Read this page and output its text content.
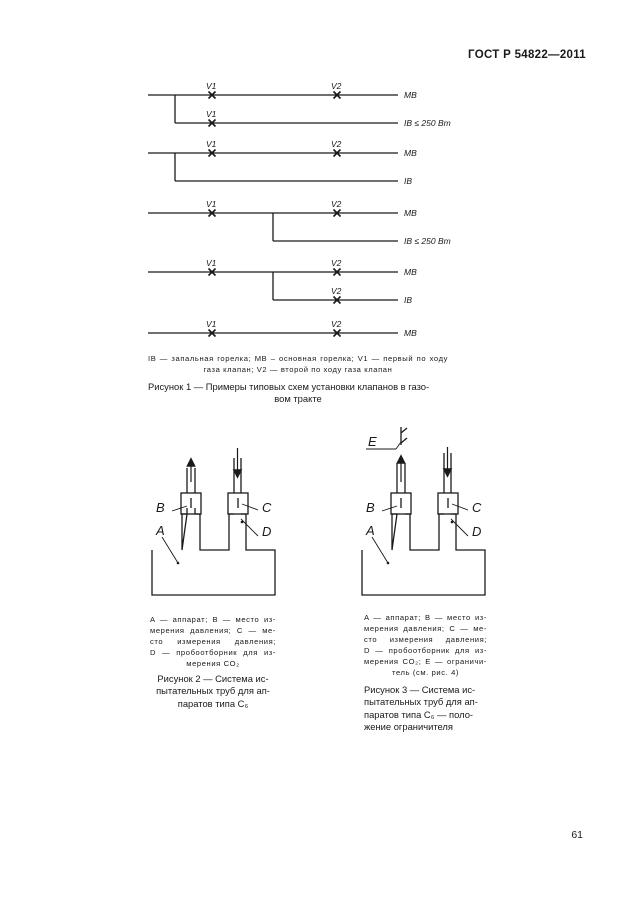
ГОСТ Р 54822—2011
V1	V2
MB
V1
IB ≤ 250 Вт
V1	V2
MB
IB
V1	V2
MB
IB ≤ 250 Вт
V1	V2
MB
V2
IB
V1	V2
MB
IB — запальная горелка; MB – основная горелка; V1 — первый по ходу
газа клапан; V2 — второй по ходу газа клапан
Рисунок 1 — Примеры типовых схем установки клапанов в газо-
вом тракте
B	C
A	D
A — аппарат; B — место из-
мерения давления; C — ме-
сто измерения давления;
D — пробоотборник для из-
мерения CO₂
Рисунок 2 — Система ис-
пытательных труб для ап-
паратов типа C₆
E
B	C
A	D
A — аппарат; B — место из-
мерения давления; C — ме-
сто измерения давления;
D — пробоотборник для из-
мерения CO₂; E — ограничи-
тель (см. рис. 4)
Рисунок 3 — Система ис-
пытательных труб для ап-
паратов типа C₆ — поло-
жение ограничителя
61
